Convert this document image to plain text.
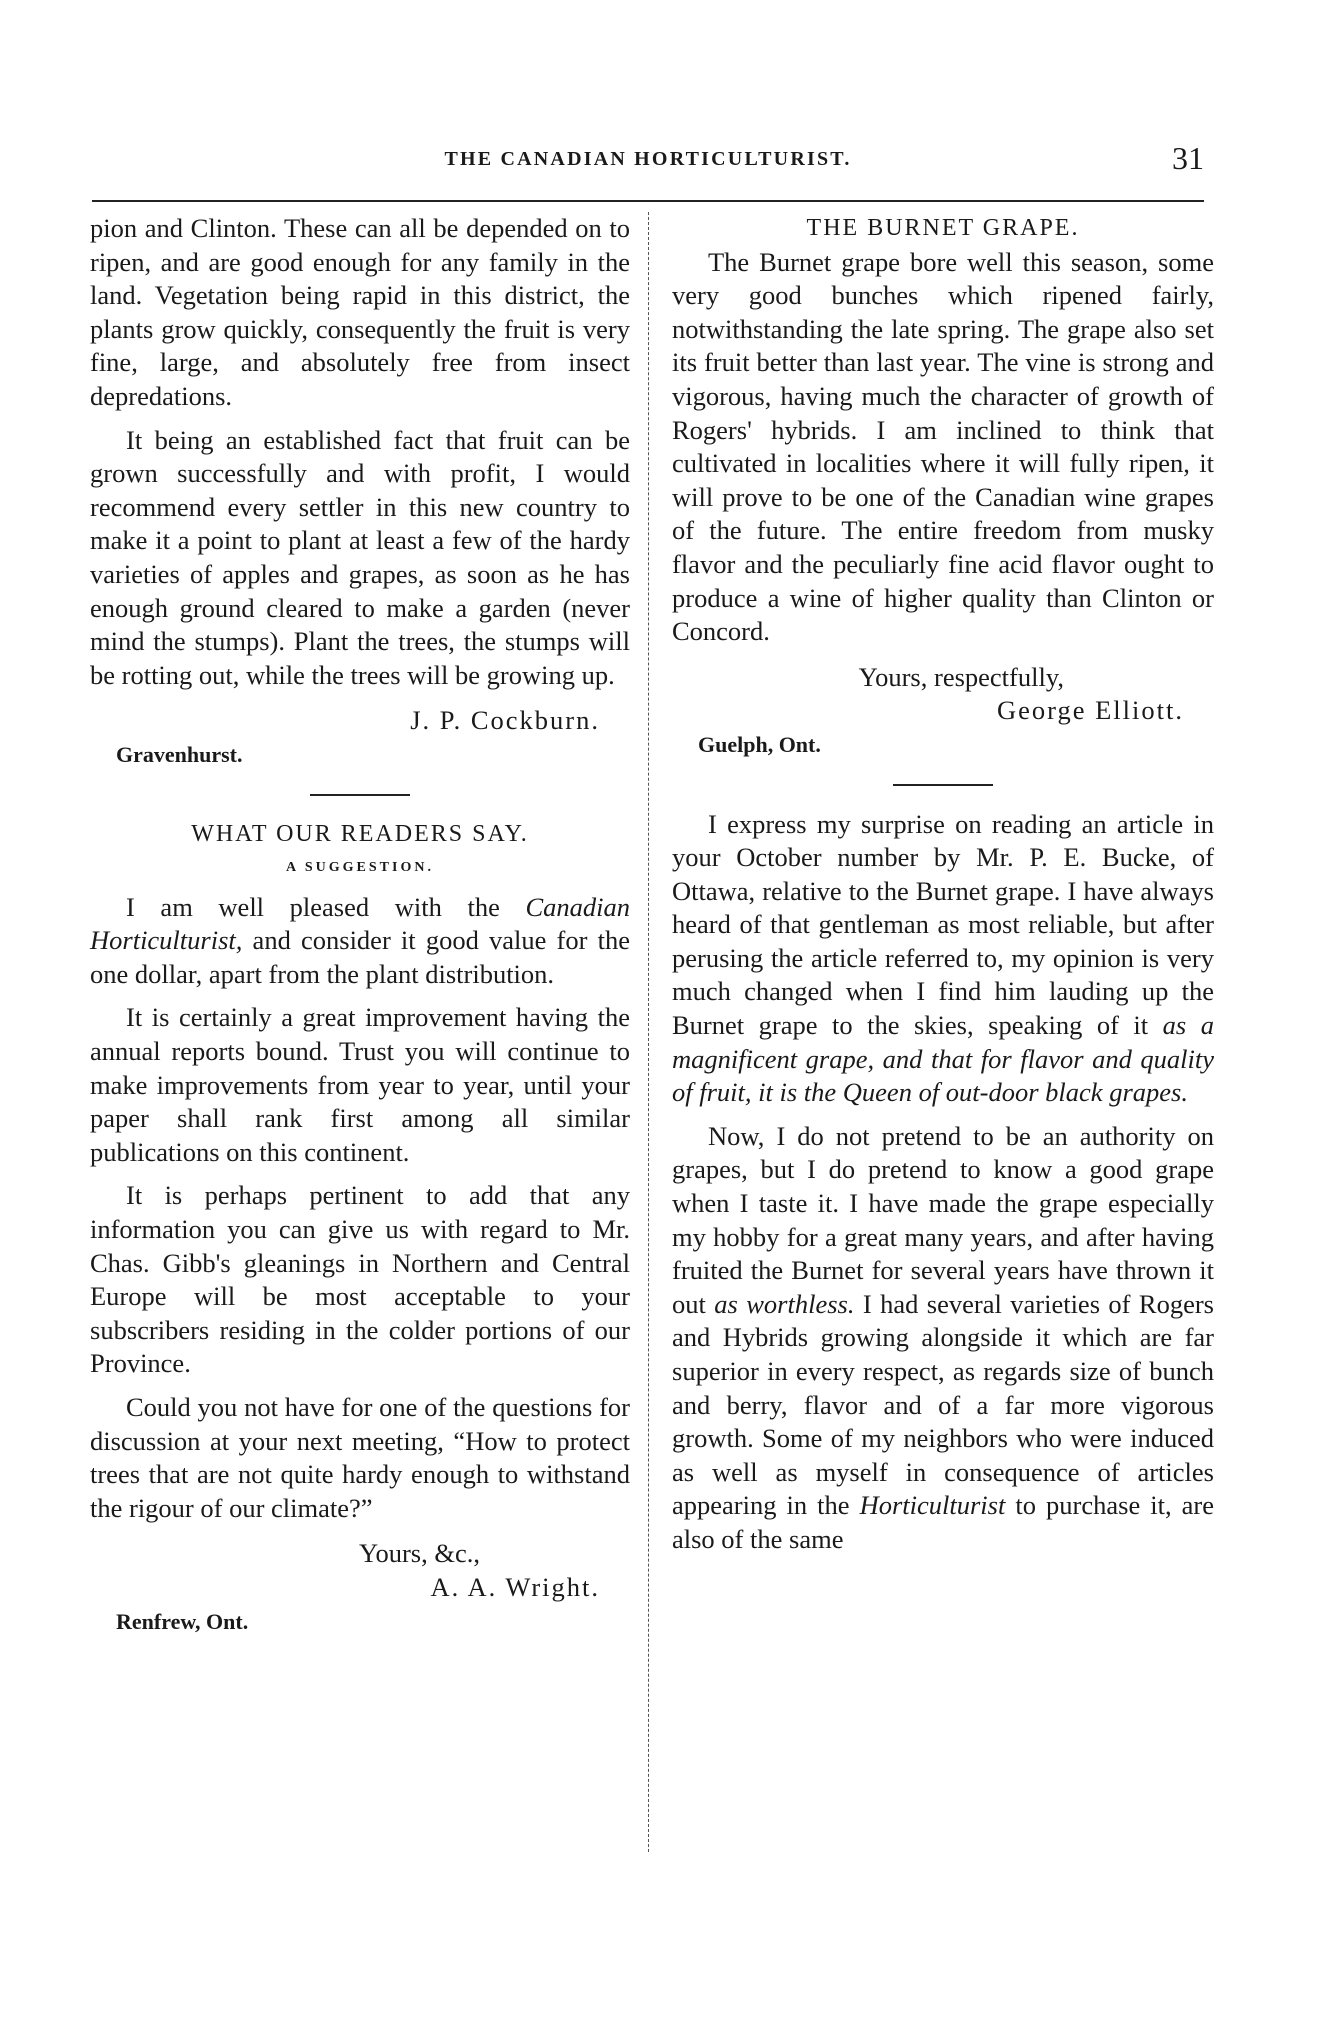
THE CANADIAN HORTICULTURIST.	31

pion and Clinton. These can all be depended on to ripen, and are good enough for any family in the land. Vegetation being rapid in this district, the plants grow quickly, consequently the fruit is very fine, large, and absolutely free from insect depredations.

It being an established fact that fruit can be grown successfully and with profit, I would recommend every settler in this new country to make it a point to plant at least a few of the hardy varieties of apples and grapes, as soon as he has enough ground cleared to make a garden (never mind the stumps). Plant the trees, the stumps will be rotting out, while the trees will be growing up.

J. P. Cockburn.
Gravenhurst.
WHAT OUR READERS SAY.
A SUGGESTION.

I am well pleased with the Canadian Horticulturist, and consider it good value for the one dollar, apart from the plant distribution.

It is certainly a great improvement having the annual reports bound. Trust you will continue to make improvements from year to year, until your paper shall rank first among all similar publications on this continent.

It is perhaps pertinent to add that any information you can give us with regard to Mr. Chas. Gibb's gleanings in Northern and Central Europe will be most acceptable to your subscribers residing in the colder portions of our Province.

Could you not have for one of the questions for discussion at your next meeting, “How to protect trees that are not quite hardy enough to withstand the rigour of our climate?”

Yours, &c.,
A. A. Wright.
Renfrew, Ont.
THE BURNET GRAPE.

The Burnet grape bore well this season, some very good bunches which ripened fairly, notwithstanding the late spring. The grape also set its fruit better than last year. The vine is strong and vigorous, having much the character of growth of Rogers' hybrids. I am inclined to think that cultivated in localities where it will fully ripen, it will prove to be one of the Canadian wine grapes of the future. The entire freedom from musky flavor and the peculiarly fine acid flavor ought to produce a wine of higher quality than Clinton or Concord.

Yours, respectfully,
George Elliott.
Guelph, Ont.

I express my surprise on reading an article in your October number by Mr. P. E. Bucke, of Ottawa, relative to the Burnet grape. I have always heard of that gentleman as most reliable, but after perusing the article referred to, my opinion is very much changed when I find him lauding up the Burnet grape to the skies, speaking of it as a magnificent grape, and that for flavor and quality of fruit, it is the Queen of out-door black grapes.

Now, I do not pretend to be an authority on grapes, but I do pretend to know a good grape when I taste it. I have made the grape especially my hobby for a great many years, and after having fruited the Burnet for several years have thrown it out as worthless. I had several varieties of Rogers and Hybrids growing alongside it which are far superior in every respect, as regards size of bunch and berry, flavor and of a far more vigorous growth. Some of my neighbors who were induced as well as myself in consequence of articles appearing in the Horticulturist to purchase it, are also of the same
